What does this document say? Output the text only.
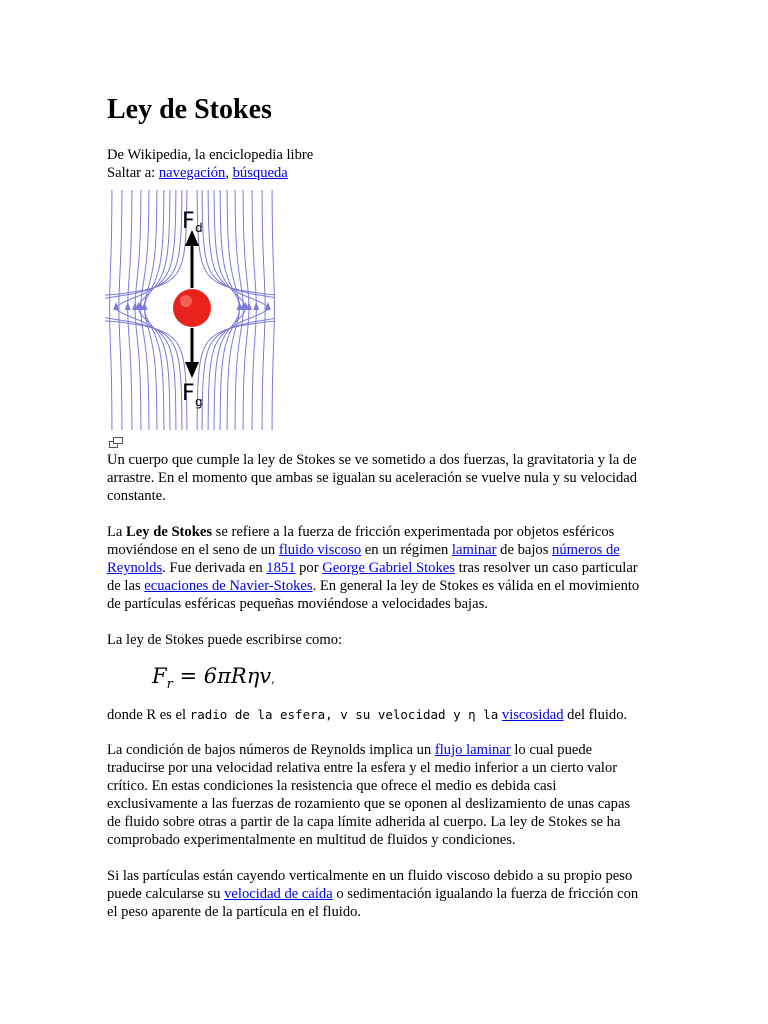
Ley de Stokes
De Wikipedia, la enciclopedia libre
Saltar a: navegación, búsqueda
F d
F g
Un cuerpo que cumple la ley de Stokes se ve sometido a dos fuerzas, la gravitatoria y la de
arrastre. En el momento que ambas se igualan su aceleración se vuelve nula y su velocidad
constante.
La Ley de Stokes se refiere a la fuerza de fricción experimentada por objetos esféricos
moviéndose en el seno de un fluido viscoso en un régimen laminar de bajos números de
Reynolds. Fue derivada en 1851 por George Gabriel Stokes tras resolver un caso particular
de las ecuaciones de Navier-Stokes. En general la ley de Stokes es válida en el movimiento
de partículas esféricas pequeñas moviéndose a velocidades bajas.
La ley de Stokes puede escribirse como:
$F_r = 6\pi R\eta v$,
donde R es el radio de la esfera, v su velocidad y η la viscosidad del fluido.
La condición de bajos números de Reynolds implica un flujo laminar lo cual puede
traducirse por una velocidad relativa entre la esfera y el medio inferior a un cierto valor
crítico. En estas condiciones la resistencia que ofrece el medio es debida casi
exclusivamente a las fuerzas de rozamiento que se oponen al deslizamiento de unas capas
de fluido sobre otras a partir de la capa límite adherida al cuerpo. La ley de Stokes se ha
comprobado experimentalmente en multitud de fluidos y condiciones.
Si las partículas están cayendo verticalmente en un fluido viscoso debido a su propio peso
puede calcularse su velocidad de caída o sedimentación igualando la fuerza de fricción con
el peso aparente de la partícula en el fluido.
